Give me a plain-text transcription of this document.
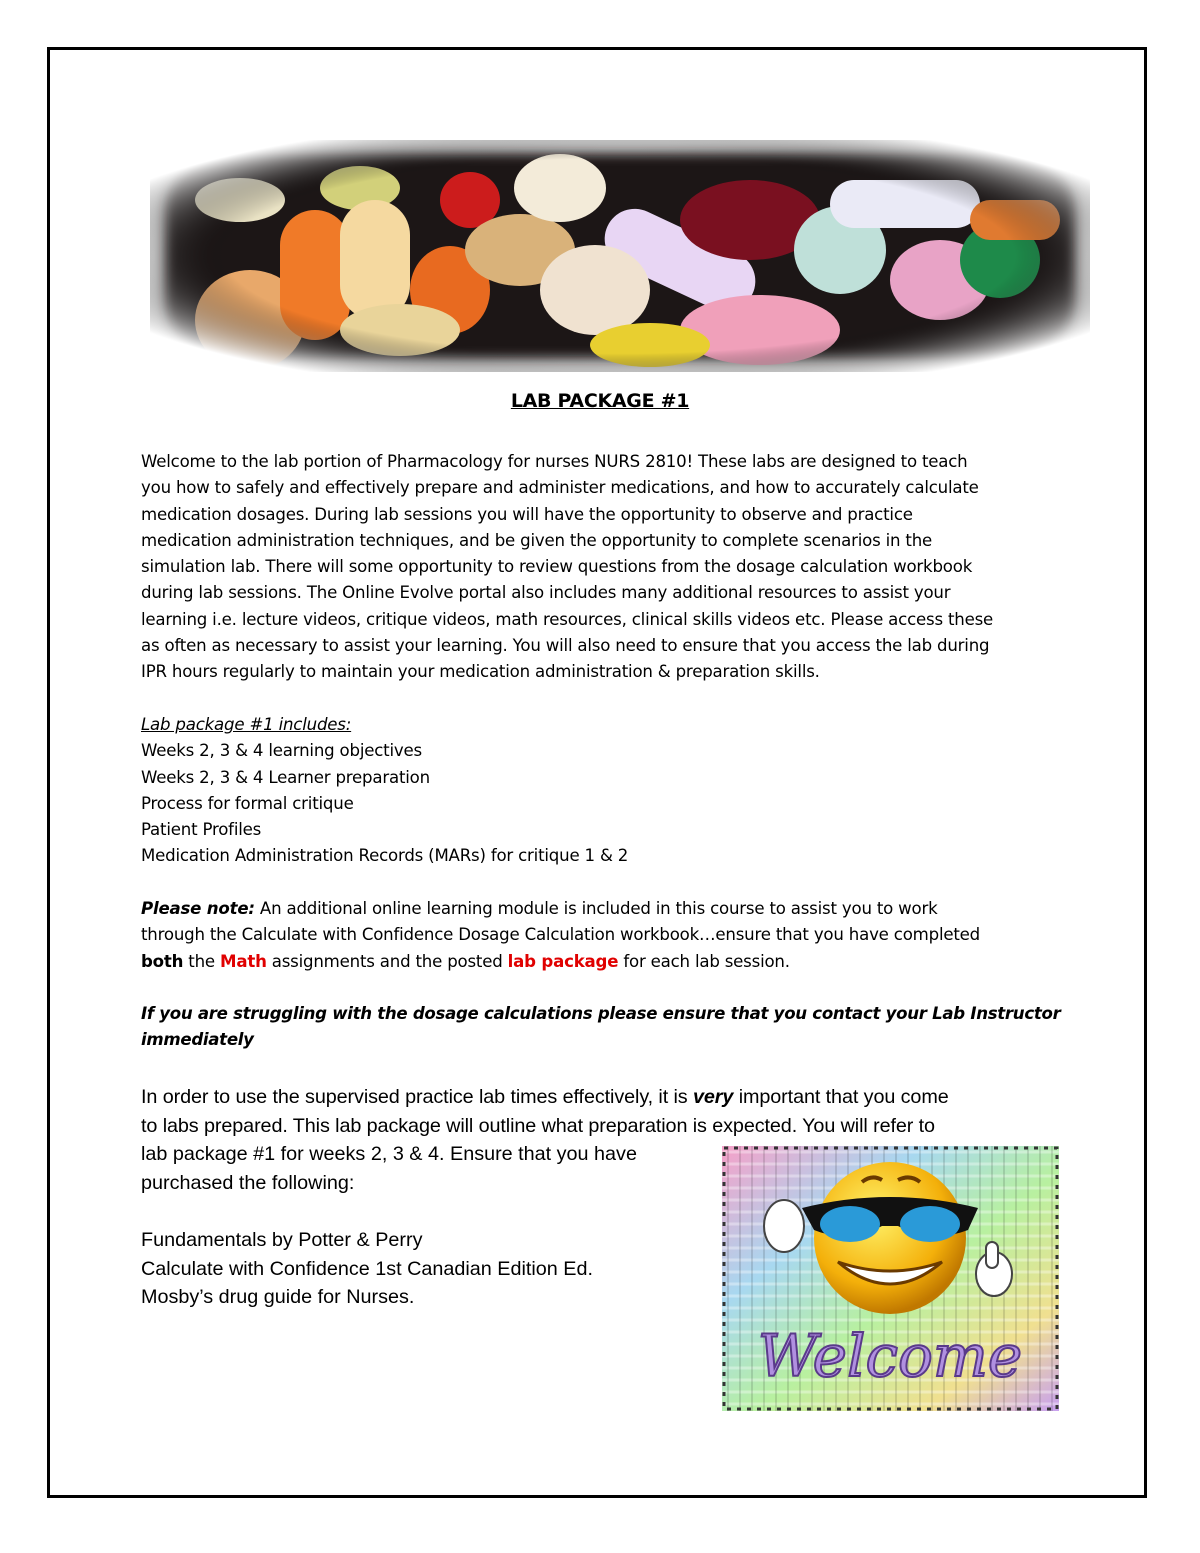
LAB PACKAGE #1
Welcome to the lab portion of Pharmacology for nurses NURS 2810! These labs are designed to teach
you how to safely and effectively prepare and administer medications, and how to accurately calculate
medication dosages. During lab sessions you will have the opportunity to observe and practice
medication administration techniques, and be given the opportunity to complete scenarios in the
simulation lab. There will some opportunity to review questions from the dosage calculation workbook
during lab sessions. The Online Evolve portal also includes many additional resources to assist your
learning i.e. lecture videos, critique videos, math resources, clinical skills videos etc. Please access these
as often as necessary to assist your learning. You will also need to ensure that you access the lab during
IPR hours regularly to maintain your medication administration & preparation skills.
Lab package #1 includes:
Weeks 2, 3 & 4 learning objectives
Weeks 2, 3 & 4 Learner preparation
Process for formal critique
Patient Profiles
Medication Administration Records (MARs) for critique 1 & 2
Please note: An additional online learning module is included in this course to assist you to work
through the Calculate with Confidence Dosage Calculation workbook…ensure that you have completed
both the Math assignments and the posted lab package for each lab session.
If you are struggling with the dosage calculations please ensure that you contact your Lab Instructor
immediately
In order to use the supervised practice lab times effectively, it is very important that you come
to labs prepared. This lab package will outline what preparation is expected. You will refer to
lab package #1 for weeks 2, 3 & 4. Ensure that you have
purchased the following:
Fundamentals by Potter & Perry
Calculate with Confidence 1st Canadian Edition Ed.
Mosby’s drug guide for Nurses.
Welcome
